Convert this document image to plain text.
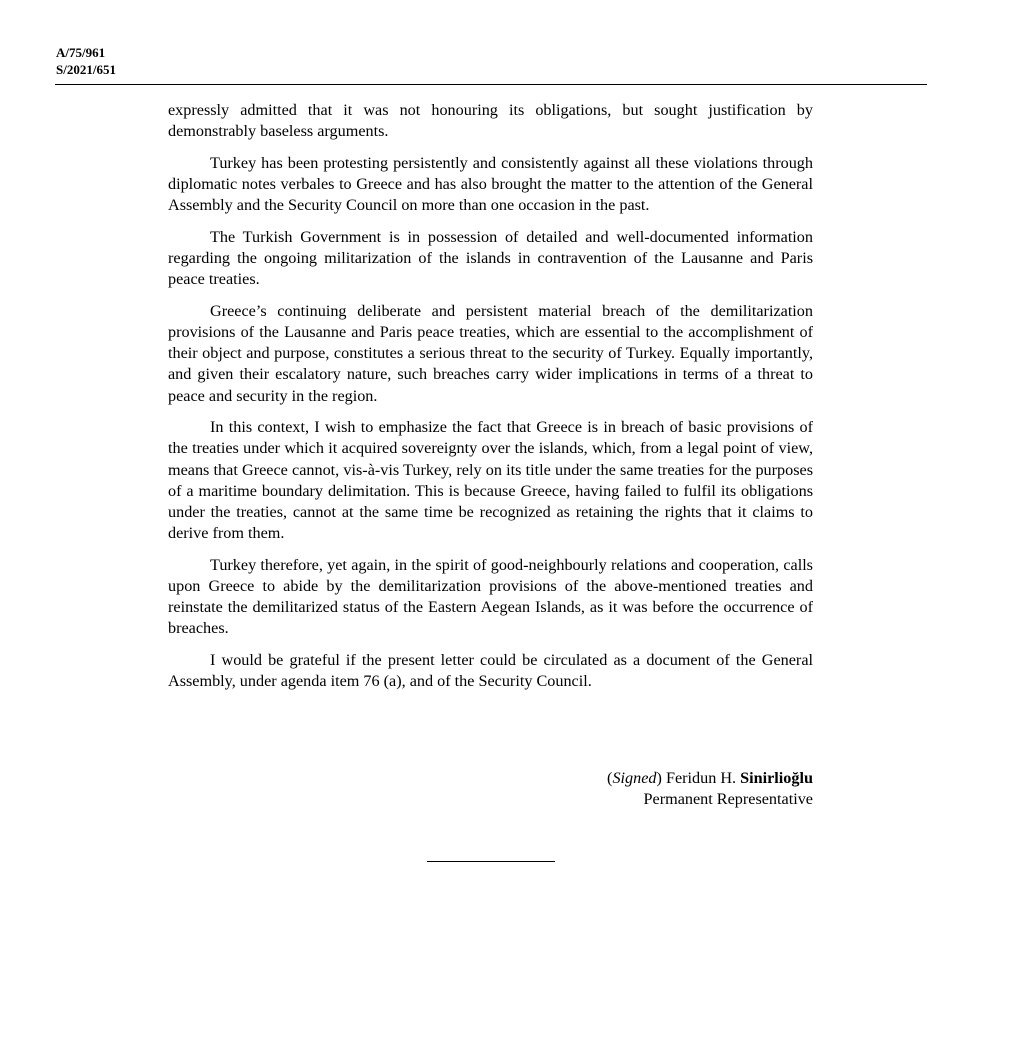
A/75/961
S/2021/651

expressly admitted that it was not honouring its obligations, but sought justification by demonstrably baseless arguments.

Turkey has been protesting persistently and consistently against all these violations through diplomatic notes verbales to Greece and has also brought the matter to the attention of the General Assembly and the Security Council on more than one occasion in the past.

The Turkish Government is in possession of detailed and well-documented information regarding the ongoing militarization of the islands in contravention of the Lausanne and Paris peace treaties.

Greece’s continuing deliberate and persistent material breach of the demilitarization provisions of the Lausanne and Paris peace treaties, which are essential to the accomplishment of their object and purpose, constitutes a serious threat to the security of Turkey. Equally importantly, and given their escalatory nature, such breaches carry wider implications in terms of a threat to peace and security in the region.

In this context, I wish to emphasize the fact that Greece is in breach of basic provisions of the treaties under which it acquired sovereignty over the islands, which, from a legal point of view, means that Greece cannot, vis-à-vis Turkey, rely on its title under the same treaties for the purposes of a maritime boundary delimitation. This is because Greece, having failed to fulfil its obligations under the treaties, cannot at the same time be recognized as retaining the rights that it claims to derive from them.

Turkey therefore, yet again, in the spirit of good-neighbourly relations and cooperation, calls upon Greece to abide by the demilitarization provisions of the above-mentioned treaties and reinstate the demilitarized status of the Eastern Aegean Islands, as it was before the occurrence of breaches.

I would be grateful if the present letter could be circulated as a document of the General Assembly, under agenda item 76 (a), and of the Security Council.

(Signed) Feridun H. Sinirlioğlu
Permanent Representative
